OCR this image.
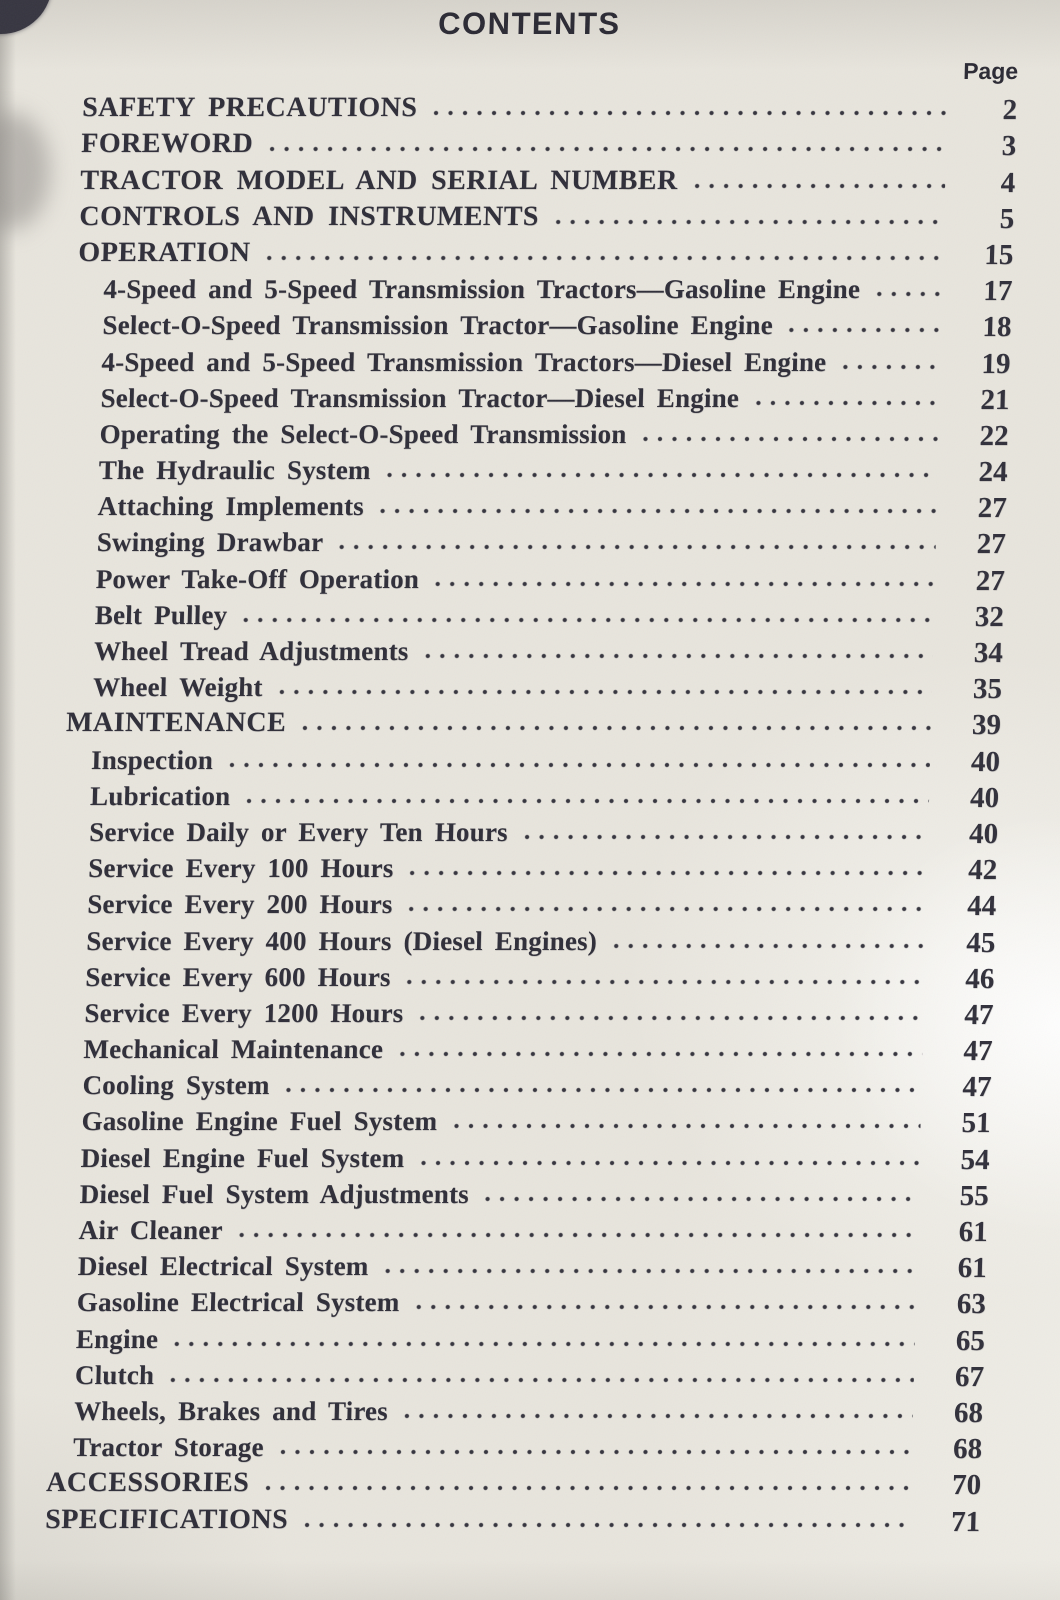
CONTENTS
Page
SAFETY PRECAUTIONS	2
FOREWORD	3
TRACTOR MODEL AND SERIAL NUMBER	4
CONTROLS AND INSTRUMENTS	5
OPERATION	15
4-Speed and 5-Speed Transmission Tractors—Gasoline Engine	17
Select-O-Speed Transmission Tractor—Gasoline Engine	18
4-Speed and 5-Speed Transmission Tractors—Diesel Engine	19
Select-O-Speed Transmission Tractor—Diesel Engine	21
Operating the Select-O-Speed Transmission	22
The Hydraulic System	24
Attaching Implements	27
Swinging Drawbar	27
Power Take-Off Operation	27
Belt Pulley	32
Wheel Tread Adjustments	34
Wheel Weight	35
MAINTENANCE	39
Inspection	40
Lubrication	40
Service Daily or Every Ten Hours	40
Service Every 100 Hours	42
Service Every 200 Hours	44
Service Every 400 Hours (Diesel Engines)	45
Service Every 600 Hours	46
Service Every 1200 Hours	47
Mechanical Maintenance	47
Cooling System	47
Gasoline Engine Fuel System	51
Diesel Engine Fuel System	54
Diesel Fuel System Adjustments	55
Air Cleaner	61
Diesel Electrical System	61
Gasoline Electrical System	63
Engine	65
Clutch	67
Wheels, Brakes and Tires	68
Tractor Storage	68
ACCESSORIES	70
SPECIFICATIONS	71
